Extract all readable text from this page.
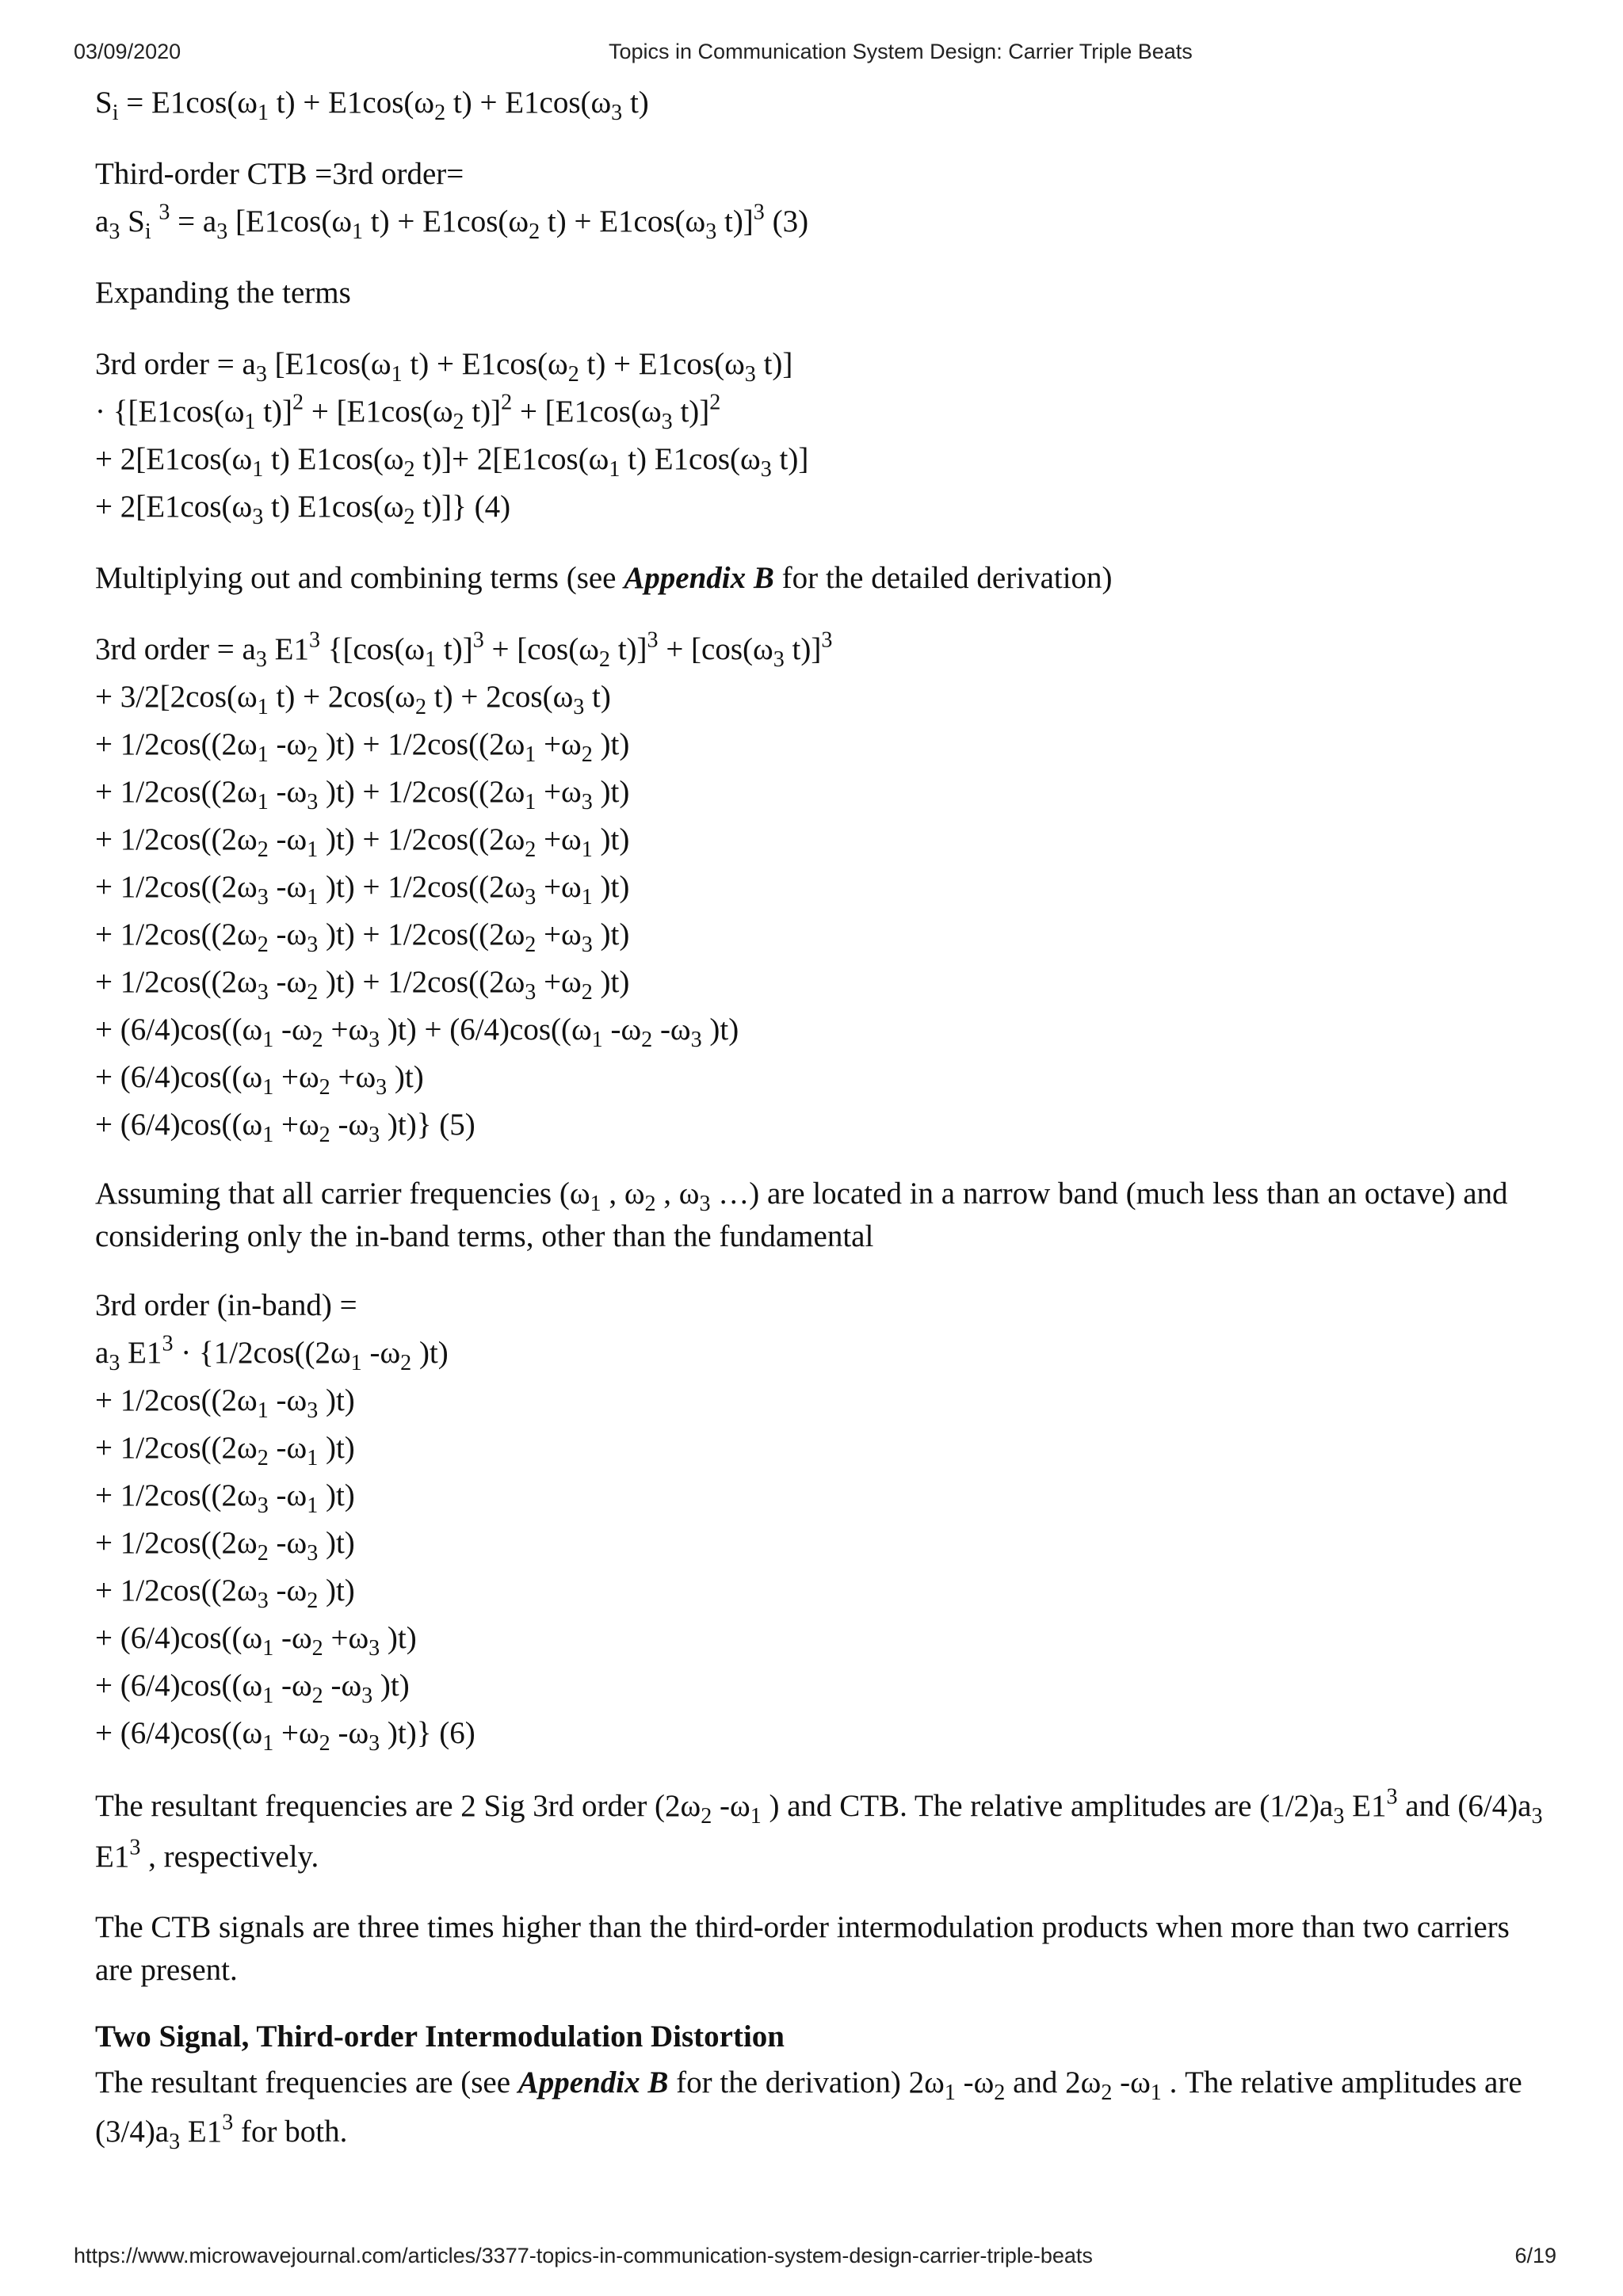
03/09/2020	Topics in Communication System Design: Carrier Triple Beats

$S_i = E1\cos(\omega_1$ $t) + E1\cos(\omega_2$ $t) + E1\cos(\omega_3$ t)

Third-order CTB =3rd order=

$a_3$ $S_i$ $^3 = a_3$ [$E1\cos(\omega_1$ $t) + E1\cos(\omega_2$ $t) + E1\cos(\omega_3$ t)]$^3$ (3)

Expanding the terms

3rd order = $a_3$ [$E1\cos(\omega_1$ $t) + E1\cos(\omega_2$ $t) + E1\cos(\omega_3$ t)]

· {[$E1\cos(\omega_1$ $t)]^2 + [E1\cos(\omega_2$ $t)]^2 + [E1\cos(\omega_3$ t)]$^2$

+ $2[E1\cos(\omega_1$ t) $E1\cos(\omega_2$ $t)]+ 2[E1\cos(\omega_1$ t) $E1\cos(\omega_3$ t)]

+ $2[E1\cos(\omega_3$ t) $E1\cos(\omega_2$ t)]} (4)

Multiplying out and combining terms (see Appendix B for the detailed derivation)

3rd order = $a_3$ $E1^3$ {[$\cos(\omega_1$ $t)]^3 + [\cos(\omega_2$ $t)]^3 + [\cos(\omega_3$ t)]$^3$

+ $3/2[2\cos(\omega_1$ $t) + 2\cos(\omega_2$ $t) + 2\cos(\omega_3$ t)

+ $1/2\cos((2\omega_1$ $-\omega_2$ )$t) + 1/2\cos((2\omega_1 +\omega_2$ )t)

+ $1/2\cos((2\omega_1$ $-\omega_3$ )$t) + 1/2\cos((2\omega_1 +\omega_3$ )t)

+ $1/2\cos((2\omega_2$ $-\omega_1$ )$t) + 1/2\cos((2\omega_2 +\omega_1$ )t)

+ $1/2\cos((2\omega_3$ $-\omega_1$ )$t) + 1/2\cos((2\omega_3 +\omega_1$ )t)

+ $1/2\cos((2\omega_2$ $-\omega_3$ )$t) + 1/2\cos((2\omega_2 +\omega_3$ )t)

+ $1/2\cos((2\omega_3$ $-\omega_2$ )$t) + 1/2\cos((2\omega_3 +\omega_2$ )t)

+ $(6/4)\cos((\omega_1$ $-\omega_2 +\omega_3$ )$t) + (6/4)\cos((\omega_1$ $-\omega_2$ $-\omega_3$ )t)

+ $(6/4)\cos((\omega_1 +\omega_2 +\omega_3$ )t)

+ $(6/4)\cos((\omega_1 +\omega_2$ $-\omega_3$ )t)} (5)

Assuming that all carrier frequencies ($\omega_1$ , $\omega_2$ , $\omega_3$ …) are located in a narrow band (much less than an octave) and considering only the in-band terms, other than the fundamental

3rd order (in-band) =

$a_3$ $E1^3 \cdot \{1/2\cos((2\omega_1$ $-\omega_2$ )t)

+ $1/2\cos((2\omega_1$ $-\omega_3$ )t)

+ $1/2\cos((2\omega_2$ $-\omega_1$ )t)

+ $1/2\cos((2\omega_3$ $-\omega_1$ )t)

+ $1/2\cos((2\omega_2$ $-\omega_3$ )t)

+ $1/2\cos((2\omega_3$ $-\omega_2$ )t)

+ $(6/4)\cos((\omega_1$ $-\omega_2 +\omega_3$ )t)

+ $(6/4)\cos((\omega_1$ $-\omega_2$ $-\omega_3$ )t)

+ $(6/4)\cos((\omega_1 +\omega_2$ $-\omega_3$ )t)} (6)

The resultant frequencies are 2 Sig 3rd order ($2\omega_2$ $-\omega_1$ ) and CTB. The relative amplitudes are $(1/2)a_3$ $E1^3$ and $(6/4)a_3$ $E1^3$ , respectively.

The CTB signals are three times higher than the third-order intermodulation products when more than two carriers are present.

Two Signal, Third-order Intermodulation Distortion

The resultant frequencies are (see Appendix B for the derivation) $2\omega_1$ $-\omega_2$ and $2\omega_2$ $-\omega_1$ . The relative amplitudes are $(3/4)a_3$ $E1^3$ for both.

https://www.microwavejournal.com/articles/3377-topics-in-communication-system-design-carrier-triple-beats	6/19
